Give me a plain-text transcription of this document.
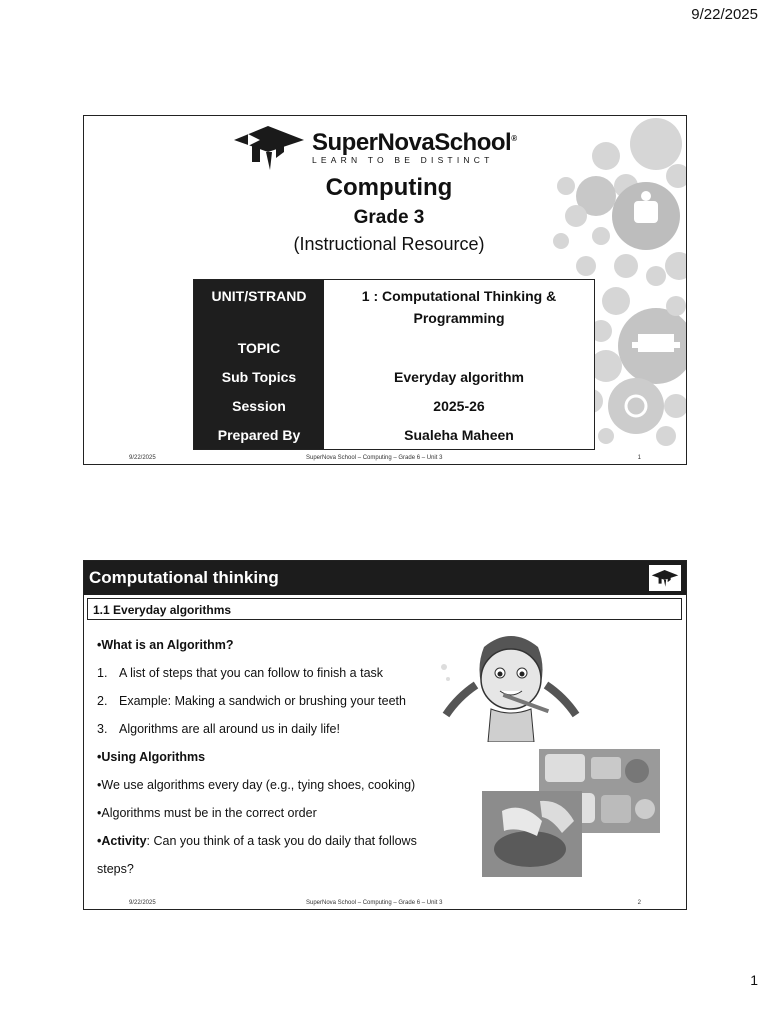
9/22/2025
SuperNovaSchool®
LEARN TO BE DISTINCT
Computing
Grade 3
(Instructional Resource)
UNIT/STRAND	1 : Computational Thinking & Programming
TOPIC	
Sub Topics	Everyday algorithm
Session	2025-26
Prepared By	Sualeha Maheen
9/22/2025	SuperNova School – Computing – Grade 6 – Unit 3	1
Computational thinking
1.1 Everyday algorithms
•What is an Algorithm?
1. A list of steps that you can follow to finish a task
2. Example: Making a sandwich or brushing your teeth
3. Algorithms are all around us in daily life!
•Using Algorithms
•We use algorithms every day (e.g., tying shoes, cooking)
•Algorithms must be in the correct order
•Activity: Can you think of a task you do daily that follows steps?
9/22/2025	SuperNova School – Computing – Grade 6 – Unit 3	2
1
